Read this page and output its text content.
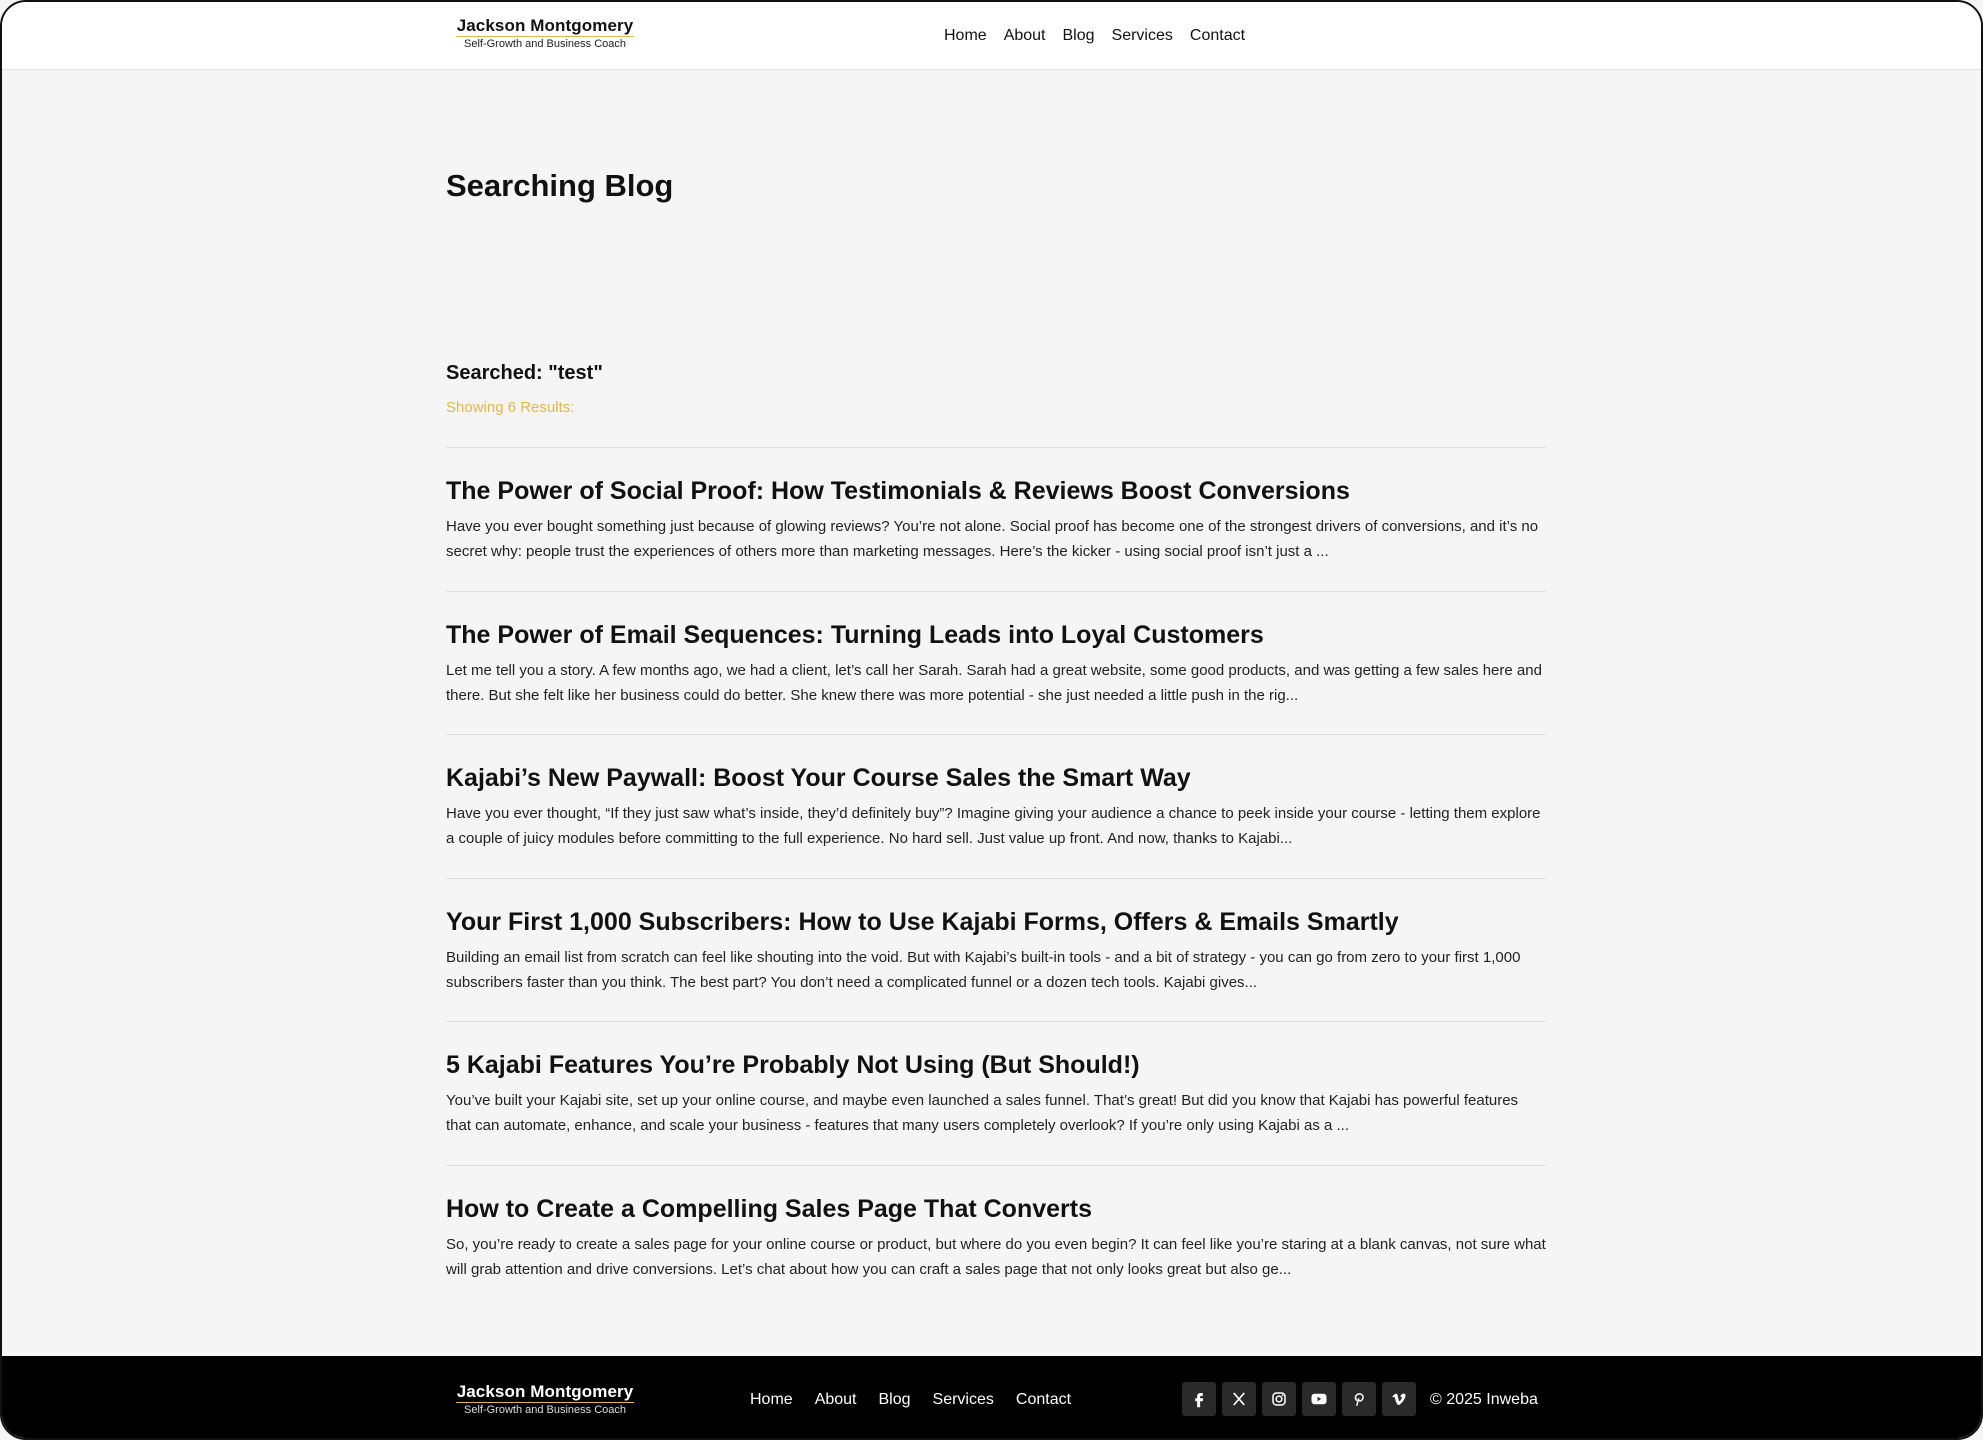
Jackson Montgomery
Self-Growth and Business Coach	Home About Blog Services Contact
Searching Blog
Searched: "test"
Showing 6 Results:
The Power of Social Proof: How Testimonials & Reviews Boost Conversions

Have you ever bought something just because of glowing reviews? You’re not alone. Social proof has become one of the strongest drivers of conversions, and it’s no secret why: people trust the experiences of others more than marketing messages. Here’s the kicker - using social proof isn’t just a ...

The Power of Email Sequences: Turning Leads into Loyal Customers

Let me tell you a story. A few months ago, we had a client, let’s call her Sarah. Sarah had a great website, some good products, and was getting a few sales here and there. But she felt like her business could do better. She knew there was more potential - she just needed a little push in the rig...

Kajabi’s New Paywall: Boost Your Course Sales the Smart Way

Have you ever thought, “If they just saw what’s inside, they’d definitely buy”? Imagine giving your audience a chance to peek inside your course - letting them explore a couple of juicy modules before committing to the full experience. No hard sell. Just value up front. And now, thanks to Kajabi...

Your First 1,000 Subscribers: How to Use Kajabi Forms, Offers & Emails Smartly

Building an email list from scratch can feel like shouting into the void. But with Kajabi’s built-in tools - and a bit of strategy - you can go from zero to your first 1,000 subscribers faster than you think. The best part? You don’t need a complicated funnel or a dozen tech tools. Kajabi gives...

5 Kajabi Features You’re Probably Not Using (But Should!)

You’ve built your Kajabi site, set up your online course, and maybe even launched a sales funnel. That’s great! But did you know that Kajabi has powerful features that can automate, enhance, and scale your business - features that many users completely overlook? If you’re only using Kajabi as a ...

How to Create a Compelling Sales Page That Converts

So, you’re ready to create a sales page for your online course or product, but where do you even begin? It can feel like you’re staring at a blank canvas, not sure what will grab attention and drive conversions. Let’s chat about how you can craft a sales page that not only looks great but also ge...

Jackson Montgomery
Self-Growth and Business Coach
Home About Blog Services Contact	© 2025 Inweba
